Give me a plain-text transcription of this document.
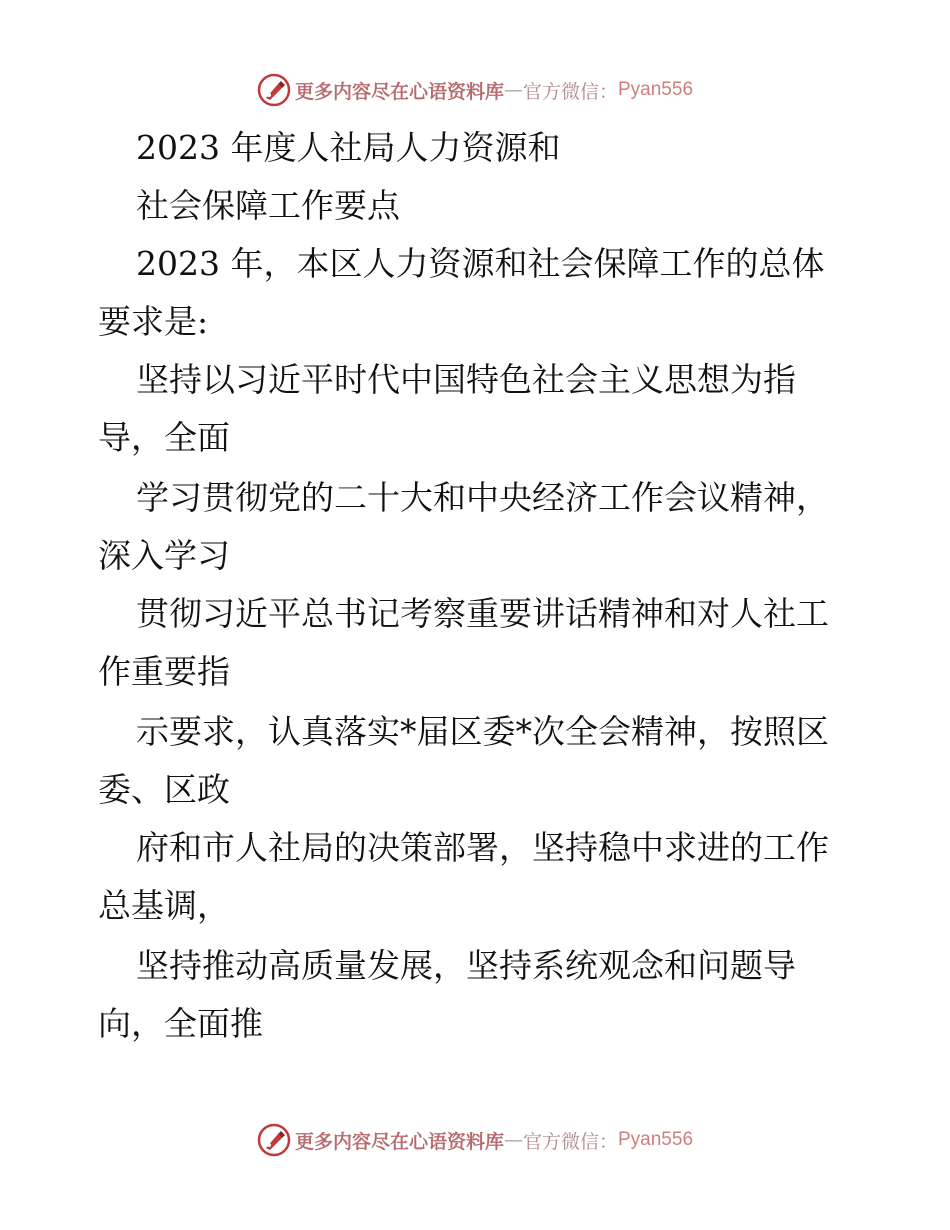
更多内容尽在心语资料库 — 官方微信： Pyan556
2023 年度人社局人力资源和
社会保障工作要点
2023 年，本区人力资源和社会保障工作的总体
要求是:
坚持以习近平时代中国特色社会主义思想为指
导，全面
学习贯彻党的二十大和中央经济工作会议精神，
深入学习
贯彻习近平总书记考察重要讲话精神和对人社工
作重要指
示要求，认真落实*届区委*次全会精神，按照区
委、区政
府和市人社局的决策部署，坚持稳中求进的工作
总基调，
坚持推动高质量发展，坚持系统观念和问题导
向，全面推
更多内容尽在心语资料库 — 官方微信： Pyan556
